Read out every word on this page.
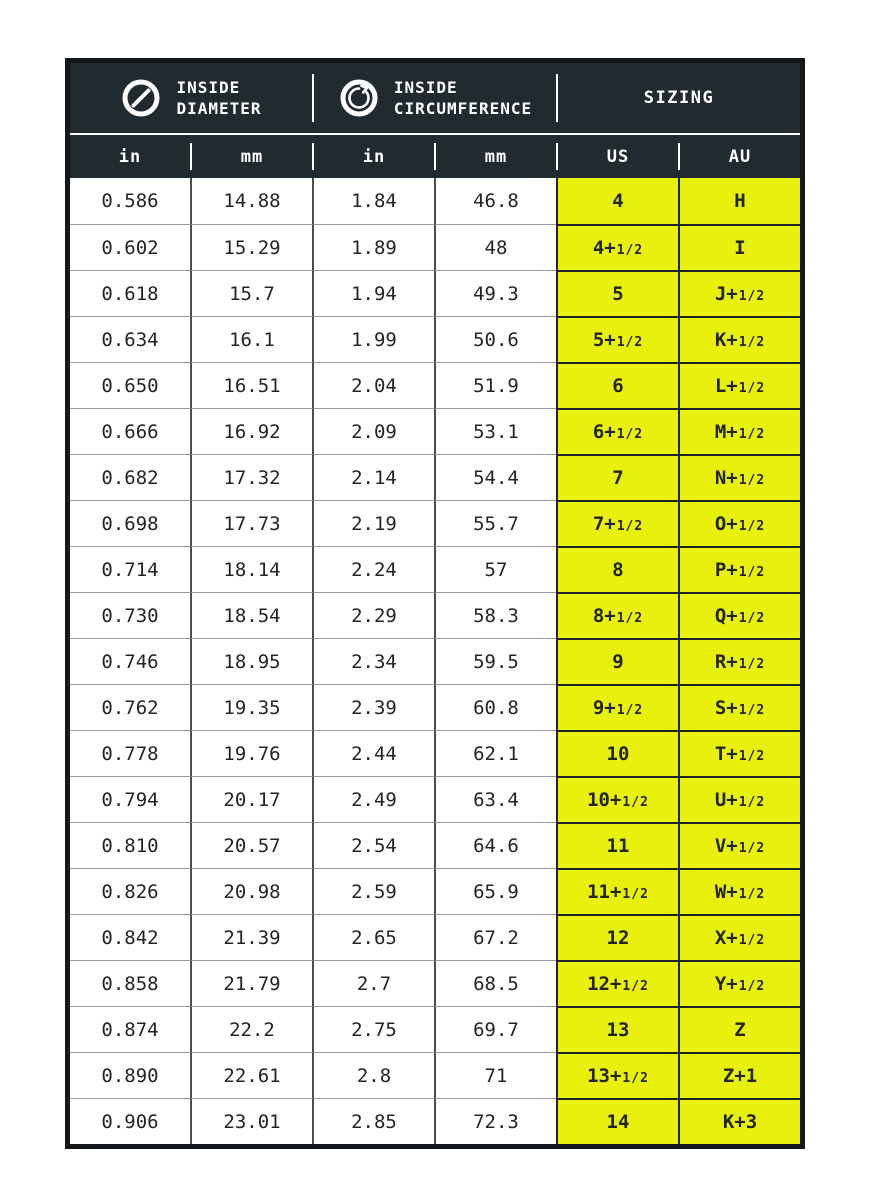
INSIDE
DIAMETER
INSIDE
CIRCUMFERENCE
SIZING
in	mm	in	mm	US	AU
0.586	14.88	1.84	46.8	4	H
0.602	15.29	1.89	48	4+1/2	I
0.618	15.7	1.94	49.3	5	J+1/2
0.634	16.1	1.99	50.6	5+1/2	K+1/2
0.650	16.51	2.04	51.9	6	L+1/2
0.666	16.92	2.09	53.1	6+1/2	M+1/2
0.682	17.32	2.14	54.4	7	N+1/2
0.698	17.73	2.19	55.7	7+1/2	O+1/2
0.714	18.14	2.24	57	8	P+1/2
0.730	18.54	2.29	58.3	8+1/2	Q+1/2
0.746	18.95	2.34	59.5	9	R+1/2
0.762	19.35	2.39	60.8	9+1/2	S+1/2
0.778	19.76	2.44	62.1	10	T+1/2
0.794	20.17	2.49	63.4	10+1/2	U+1/2
0.810	20.57	2.54	64.6	11	V+1/2
0.826	20.98	2.59	65.9	11+1/2	W+1/2
0.842	21.39	2.65	67.2	12	X+1/2
0.858	21.79	2.7	68.5	12+1/2	Y+1/2
0.874	22.2	2.75	69.7	13	Z
0.890	22.61	2.8	71	13+1/2	Z+1
0.906	23.01	2.85	72.3	14	K+3
